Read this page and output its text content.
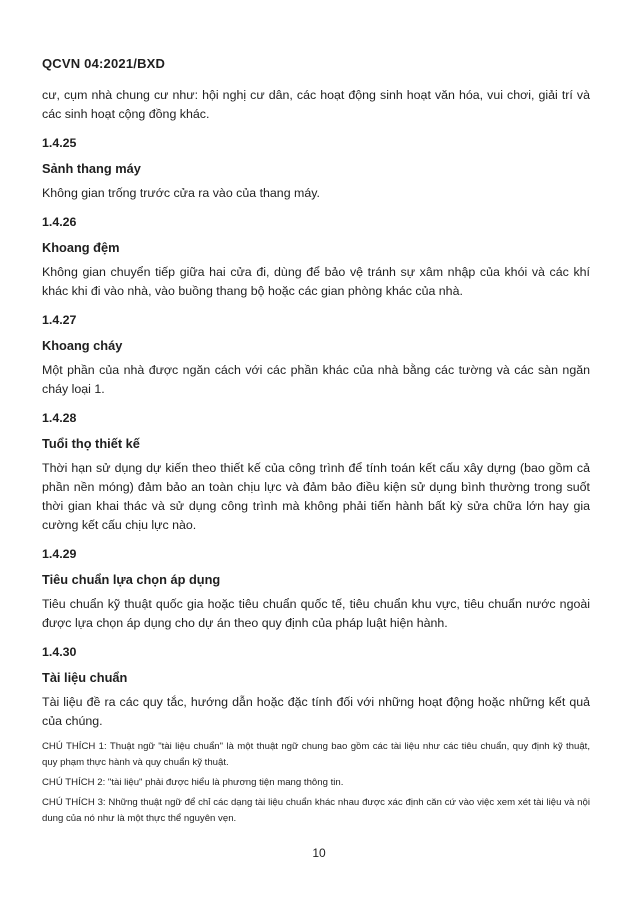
QCVN 04:2021/BXD

cư, cụm nhà chung cư như: hội nghị cư dân, các hoạt động sinh hoạt văn hóa, vui chơi, giải trí và các sinh hoạt cộng đồng khác.

1.4.25
Sảnh thang máy

Không gian trống trước cửa ra vào của thang máy.

1.4.26
Khoang đệm

Không gian chuyển tiếp giữa hai cửa đi, dùng để bảo vệ tránh sự xâm nhập của khói và các khí khác khi đi vào nhà, vào buồng thang bộ hoặc các gian phòng khác của nhà.

1.4.27
Khoang cháy

Một phần của nhà được ngăn cách với các phần khác của nhà bằng các tường và các sàn ngăn cháy loại 1.

1.4.28
Tuổi thọ thiết kế

Thời hạn sử dụng dự kiến theo thiết kế của công trình để tính toán kết cấu xây dựng (bao gồm cả phần nền móng) đảm bảo an toàn chịu lực và đảm bảo điều kiện sử dụng bình thường trong suốt thời gian khai thác và sử dụng công trình mà không phải tiến hành bất kỳ sửa chữa lớn hay gia cường kết cấu chịu lực nào.

1.4.29
Tiêu chuẩn lựa chọn áp dụng

Tiêu chuẩn kỹ thuật quốc gia hoặc tiêu chuẩn quốc tế, tiêu chuẩn khu vực, tiêu chuẩn nước ngoài được lựa chọn áp dụng cho dự án theo quy định của pháp luật hiện hành.

1.4.30
Tài liệu chuẩn

Tài liệu đề ra các quy tắc, hướng dẫn hoặc đặc tính đối với những hoạt động hoặc những kết quả của chúng.

CHÚ THÍCH 1: Thuật ngữ "tài liệu chuẩn" là một thuật ngữ chung bao gồm các tài liệu như các tiêu chuẩn, quy định kỹ thuật, quy phạm thực hành và quy chuẩn kỹ thuật.

CHÚ THÍCH 2: "tài liệu" phải được hiểu là phương tiện mang thông tin.

CHÚ THÍCH 3: Những thuật ngữ để chỉ các dạng tài liệu chuẩn khác nhau được xác định căn cứ vào việc xem xét tài liệu và nội dung của nó như là một thực thể nguyên vẹn.

10
